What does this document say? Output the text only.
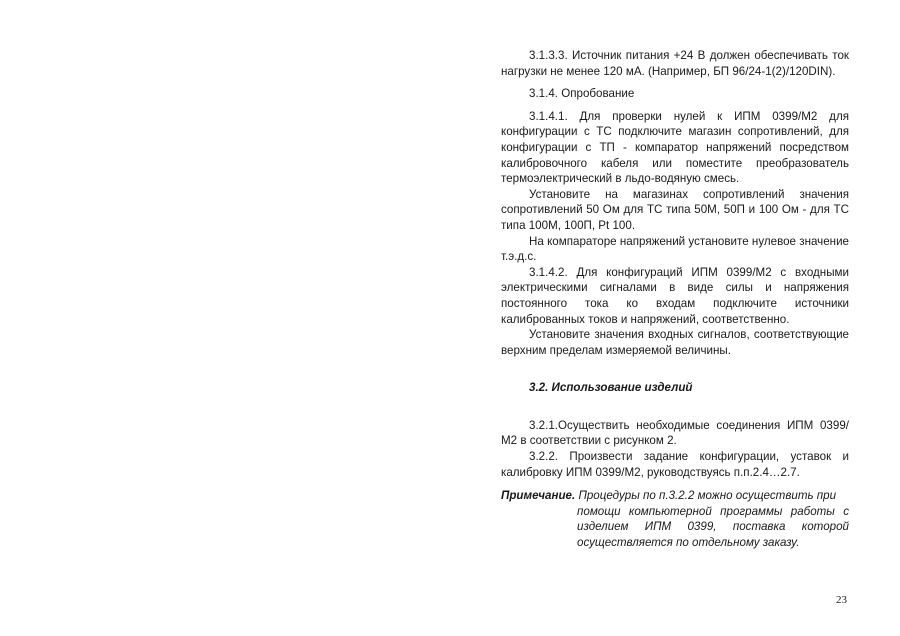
3.1.3.3. Источник питания +24 В должен обеспечивать ток нагрузки не менее 120 мА. (Например, БП 96/24-1(2)/120DIN).

3.1.4. Опробование

3.1.4.1. Для проверки нулей к ИПМ 0399/М2 для конфигурации с ТС подключите магазин сопротивлений, для конфигурации с ТП - компаратор напряжений посредством калибровочного кабеля или поместите преобразователь термоэлектрический в льдо-водяную смесь.

Установите на магазинах сопротивлений значения сопротивлений 50 Ом для ТС типа 50М, 50П и 100 Ом - для ТС типа 100М, 100П, Pt 100.

На компараторе напряжений установите нулевое значение т.э.д.с.

3.1.4.2. Для конфигураций ИПМ 0399/М2 с входными электрическими сигналами в виде силы и напряжения постоянного тока ко входам подключите источники калиброванных токов и напряжений, соответственно.

Установите значения входных сигналов, соответствующие верхним пределам измеряемой величины.

3.2. Использование изделий

3.2.1.Осуществить необходимые соединения ИПМ 0399/М2 в соответствии с рисунком 2.

3.2.2. Произвести задание конфигурации, уставок и калибровку ИПМ 0399/М2, руководствуясь п.п.2.4…2.7.

Примечание. Процедуры по п.3.2.2 можно осуществить при
помощи компьютерной программы работы с изделием ИПМ 0399, поставка которой осуществляется по отдельному заказу.
23
